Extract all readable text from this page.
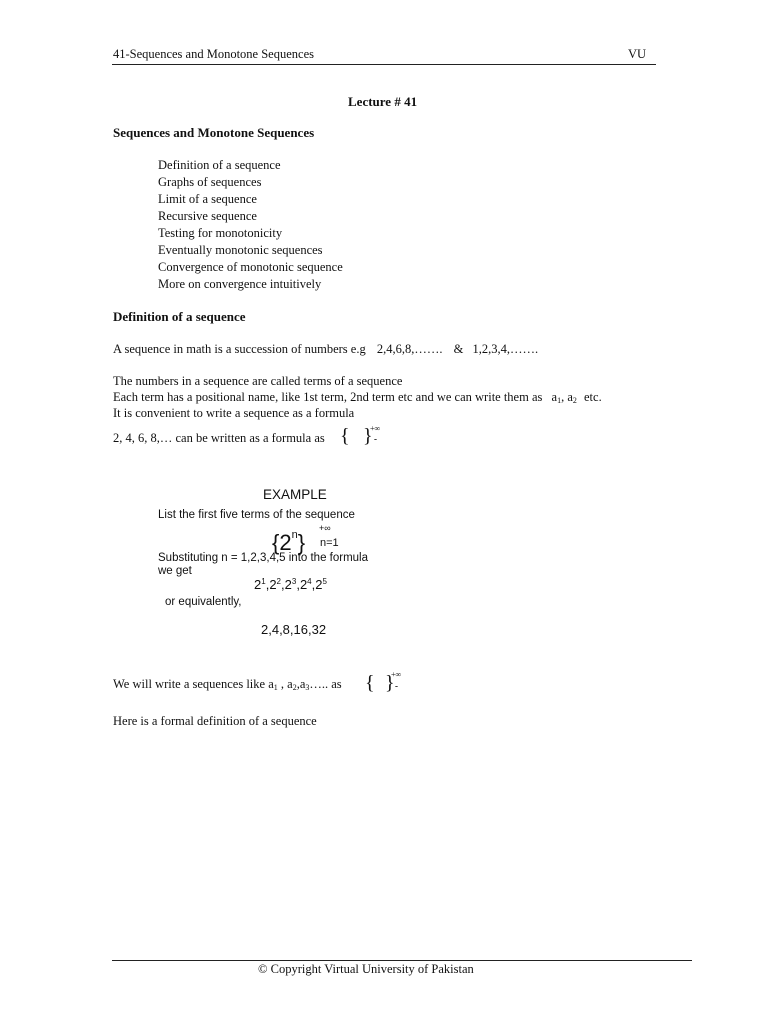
41-Sequences and Monotone Sequences	VU
Lecture # 41
Sequences and Monotone Sequences
Definition of a sequence
Graphs of sequences
Limit of a sequence
Recursive sequence
Testing for monotonicity
Eventually monotonic sequences
Convergence of monotonic sequence
More on convergence intuitively
Definition of a sequence
A sequence in math is a succession of numbers e.g 2,4,6,8,……. & 1,2,3,4,…….
The numbers in a sequence are called terms of a sequence
Each term has a positional name, like 1st term, 2nd term etc and we can write them as $a_1$, $a_2$ etc.
It is convenient to write a sequence as a formula
2, 4, 6, 8,… can be written as a formula as { }
+∞
-
EXAMPLE
List the first five terms of the sequence
$\{2^n\}$
+∞
n=1
Substituting n = 1,2,3,4,5 into the formula
we get
$2^1,2^2,2^3,2^4,2^5$
or equivalently,
2,4,8,16,32
We will write a sequences like $a_1$ , $a_2,a_3\dots$.. as { }
+∞
-
Here is a formal definition of a sequence
© Copyright Virtual University of Pakistan
